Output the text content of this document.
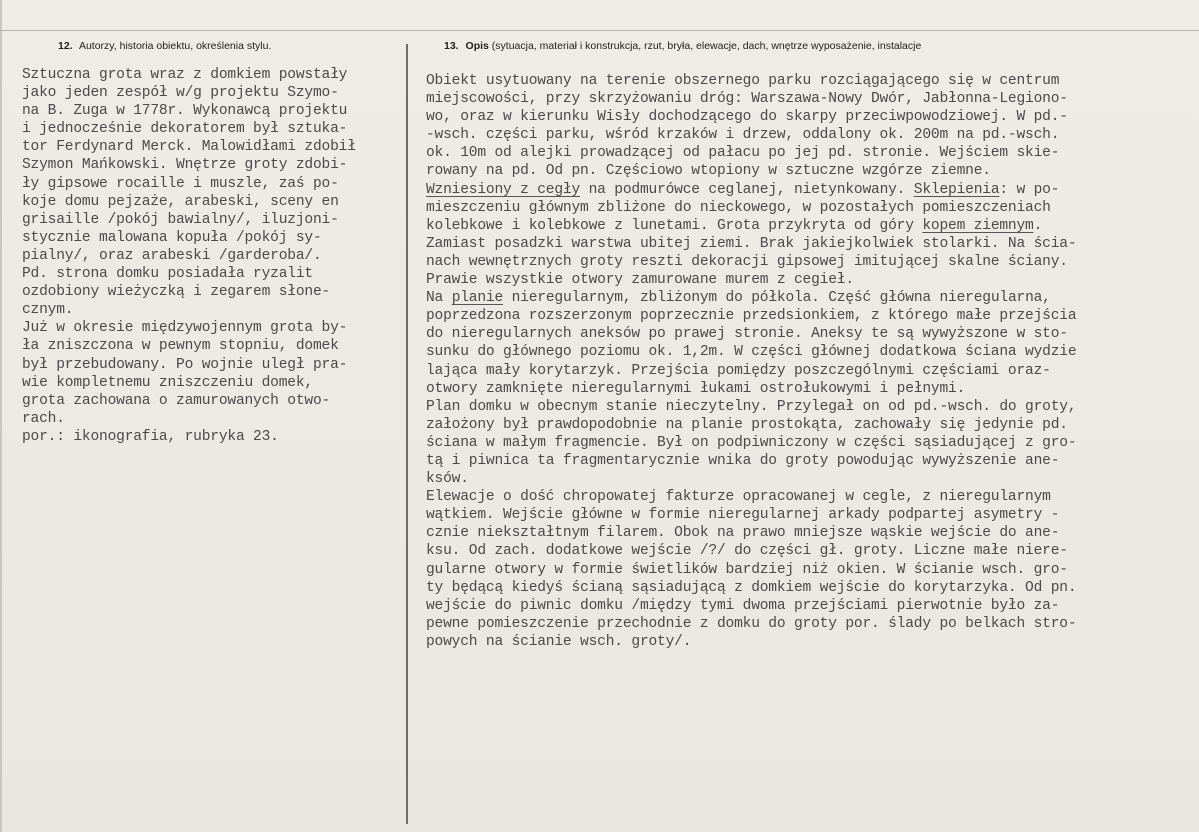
12. Autorzy, historia obiektu, określenia stylu.	13. Opis (sytuacja, materiał i konstrukcja, rzut, bryła, elewacje, dach, wnętrze wyposażenie, instalacje
Sztuczna grota wraz z domkiem powstały
jako jeden zespół w/g projektu Szymo-
na B. Zuga w 1778r. Wykonawcą projektu
i jednocześnie dekoratorem był sztuka-
tor Ferdynard Merck. Malowidłami zdobił
Szymon Mańkowski. Wnętrze groty zdobi-
ły gipsowe rocaille i muszle, zaś po-
koje domu pejzaże, arabeski, sceny en
grisaille /pokój bawialny/, iluzjoni-
stycznie malowana kopuła /pokój sy-
pialny/, oraz arabeski /garderoba/.
Pd. strona domku posiadała ryzalit
ozdobiony wieżyczką i zegarem słone-
cznym.
Już w okresie międzywojennym grota by-
ła zniszczona w pewnym stopniu, domek
był przebudowany. Po wojnie uległ pra-
wie kompletnemu zniszczeniu domek,
grota zachowana o zamurowanych otwo-
rach.
por.: ikonografia, rubryka 23.
Obiekt usytuowany na terenie obszernego parku rozciągającego się w centrum
miejscowości, przy skrzyżowaniu dróg: Warszawa-Nowy Dwór, Jabłonna-Legiono-
wo, oraz w kierunku Wisły dochodzącego do skarpy przeciwpowodziowej. W pd.-
-wsch. części parku, wśród krzaków i drzew, oddalony ok. 200m na pd.-wsch.
ok. 10m od alejki prowadzącej od pałacu po jej pd. stronie. Wejściem skie-
rowany na pd. Od pn. Częściowo wtopiony w sztuczne wzgórze ziemne.
Wzniesiony z cegły na podmurówce ceglanej, nietynkowany. Sklepienia: w po-
mieszczeniu głównym zbliżone do nieckowego, w pozostałych pomieszczeniach
kolebkowe i kolebkowe z lunetami. Grota przykryta od góry kopem ziemnym.
Zamiast posadzki warstwa ubitej ziemi. Brak jakiejkolwiek stolarki. Na ścia-
nach wewnętrznych groty reszti dekoracji gipsowej imitującej skalne ściany.
Prawie wszystkie otwory zamurowane murem z cegieł.
Na planie nieregularnym, zbliżonym do półkola. Część główna nieregularna,
poprzedzona rozszerzonym poprzecznie przedsionkiem, z którego małe przejścia
do nieregularnych aneksów po prawej stronie. Aneksy te są wywyższone w sto-
sunku do głównego poziomu ok. 1,2m. W części głównej dodatkowa ściana wydzie
lająca mały korytarzyk. Przejścia pomiędzy poszczególnymi częściami oraz-
otwory zamknięte nieregularnymi łukami ostrołukowymi i pełnymi.
Plan domku w obecnym stanie nieczytelny. Przylegał on od pd.-wsch. do groty,
założony był prawdopodobnie na planie prostokąta, zachowały się jedynie pd.
ściana w małym fragmencie. Był on podpiwniczony w części sąsiadującej z gro-
tą i piwnica ta fragmentarycznie wnika do groty powodując wywyższenie ane-
ksów.
Elewacje o dość chropowatej fakturze opracowanej w cegle, z nieregularnym
wątkiem. Wejście główne w formie nieregularnej arkady podpartej asymetry -
cznie niekształtnym filarem. Obok na prawo mniejsze wąskie wejście do ane-
ksu. Od zach. dodatkowe wejście /?/ do części gł. groty. Liczne małe niere-
gularne otwory w formie świetlików bardziej niż okien. W ścianie wsch. gro-
ty będącą kiedyś ścianą sąsiadującą z domkiem wejście do korytarzyka. Od pn.
wejście do piwnic domku /między tymi dwoma przejściami pierwotnie było za-
pewne pomieszczenie przechodnie z domku do groty por. ślady po belkach stro-
powych na ścianie wsch. groty/.
